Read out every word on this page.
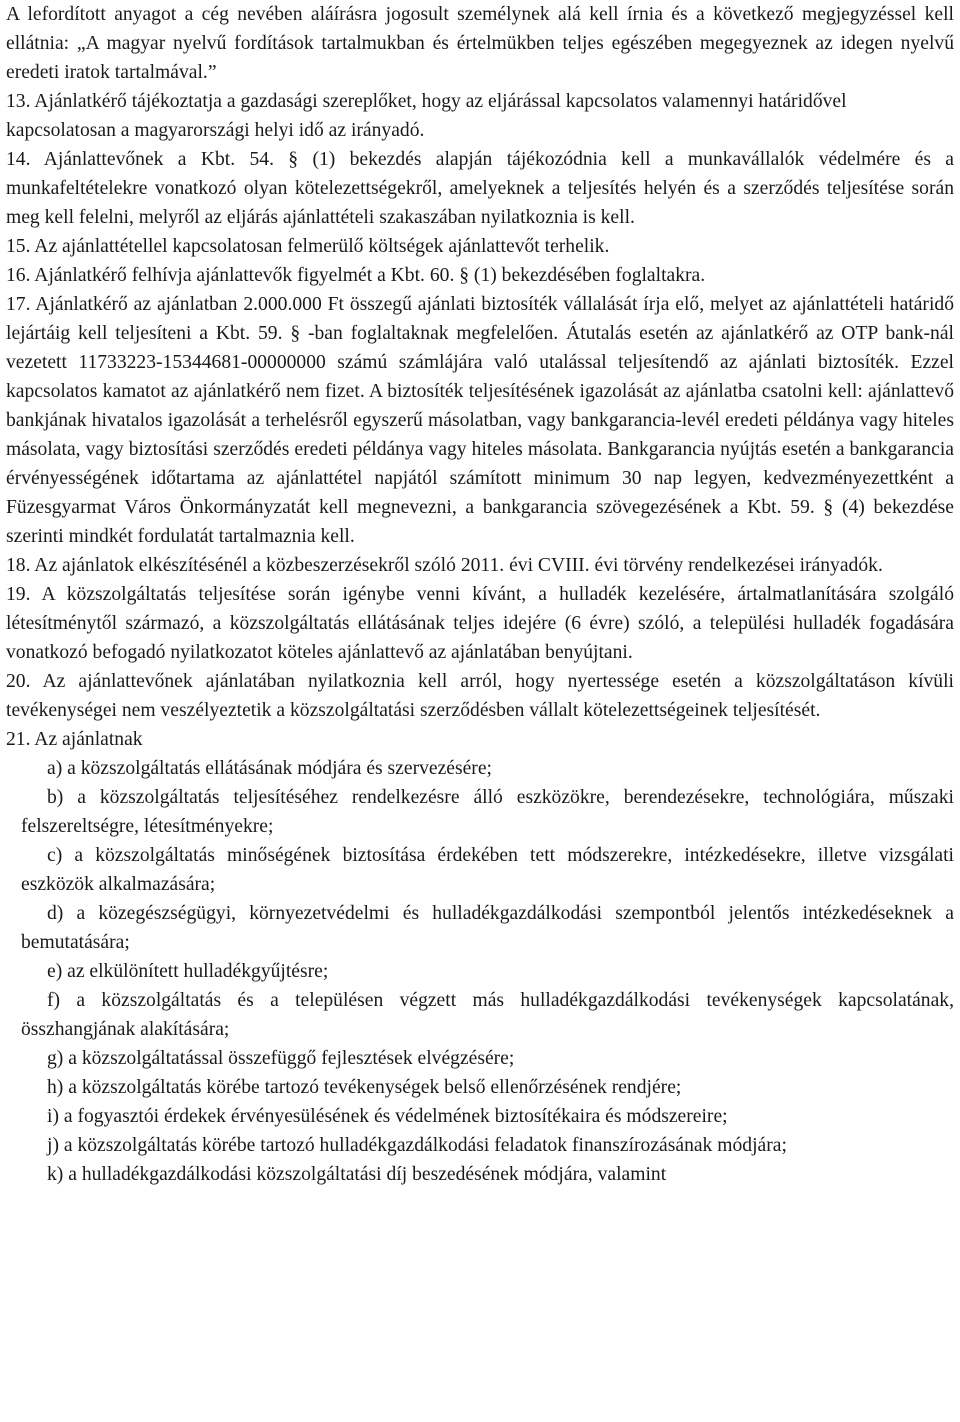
A lefordított anyagot a cég nevében aláírásra jogosult személynek alá kell írnia és a következő megjegyzéssel kell ellátnia: „A magyar nyelvű fordítások tartalmukban és értelmükben teljes egészében megegyeznek az idegen nyelvű eredeti iratok tartalmával.”

13. Ajánlatkérő tájékoztatja a gazdasági szereplőket, hogy az eljárással kapcsolatos valamennyi határidővel kapcsolatosan a magyarországi helyi idő az irányadó.

14. Ajánlattevőnek a Kbt. 54. § (1) bekezdés alapján tájékozódnia kell a munkavállalók védelmére és a munkafeltételekre vonatkozó olyan kötelezettségekről, amelyeknek a teljesítés helyén és a szerződés teljesítése során meg kell felelni, melyről az eljárás ajánlattételi szakaszában nyilatkoznia is kell.

15. Az ajánlattétellel kapcsolatosan felmerülő költségek ajánlattevőt terhelik.

16. Ajánlatkérő felhívja ajánlattevők figyelmét a Kbt. 60. § (1) bekezdésében foglaltakra.

17. Ajánlatkérő az ajánlatban 2.000.000 Ft összegű ajánlati biztosíték vállalását írja elő, melyet az ajánlattételi határidő lejártáig kell teljesíteni a Kbt. 59. § -ban foglaltaknak megfelelően. Átutalás esetén az ajánlatkérő az OTP bank-nál vezetett 11733223-15344681-00000000 számú számlájára való utalással teljesítendő az ajánlati biztosíték. Ezzel kapcsolatos kamatot az ajánlatkérő nem fizet. A biztosíték teljesítésének igazolását az ajánlatba csatolni kell: ajánlattevő bankjának hivatalos igazolását a terhelésről egyszerű másolatban, vagy bankgarancia-levél eredeti példánya vagy hiteles másolata, vagy biztosítási szerződés eredeti példánya vagy hiteles másolata. Bankgarancia nyújtás esetén a bankgarancia érvényességének időtartama az ajánlattétel napjától számított minimum 30 nap legyen, kedvezményezettként a Füzesgyarmat Város Önkormányzatát kell megnevezni, a bankgarancia szövegezésének a Kbt. 59. § (4) bekezdése szerinti mindkét fordulatát tartalmaznia kell.

18. Az ajánlatok elkészítésénél a közbeszerzésekről szóló 2011. évi CVIII. évi törvény rendelkezései irányadók.

19. A közszolgáltatás teljesítése során igénybe venni kívánt, a hulladék kezelésére, ártalmatlanítására szolgáló létesítménytől származó, a közszolgáltatás ellátásának teljes idejére (6 évre) szóló, a települési hulladék fogadására vonatkozó befogadó nyilatkozatot köteles ajánlattevő az ajánlatában benyújtani.

20. Az ajánlattevőnek ajánlatában nyilatkoznia kell arról, hogy nyertessége esetén a közszolgáltatáson kívüli tevékenységei nem veszélyeztetik a közszolgáltatási szerződésben vállalt kötelezettségeinek teljesítését.

21. Az ajánlatnak

a) a közszolgáltatás ellátásának módjára és szervezésére;

b) a közszolgáltatás teljesítéséhez rendelkezésre álló eszközökre, berendezésekre, technológiára, műszaki felszereltségre, létesítményekre;

c) a közszolgáltatás minőségének biztosítása érdekében tett módszerekre, intézkedésekre, illetve vizsgálati eszközök alkalmazására;

d) a közegészségügyi, környezetvédelmi és hulladékgazdálkodási szempontból jelentős intézkedéseknek a bemutatására;

e) az elkülönített hulladékgyűjtésre;

f) a közszolgáltatás és a településen végzett más hulladékgazdálkodási tevékenységek kapcsolatának, összhangjának alakítására;

g) a közszolgáltatással összefüggő fejlesztések elvégzésére;

h) a közszolgáltatás körébe tartozó tevékenységek belső ellenőrzésének rendjére;

i) a fogyasztói érdekek érvényesülésének és védelmének biztosítékaira és módszereire;

j) a közszolgáltatás körébe tartozó hulladékgazdálkodási feladatok finanszírozásának módjára;

k) a hulladékgazdálkodási közszolgáltatási díj beszedésének módjára, valamint
